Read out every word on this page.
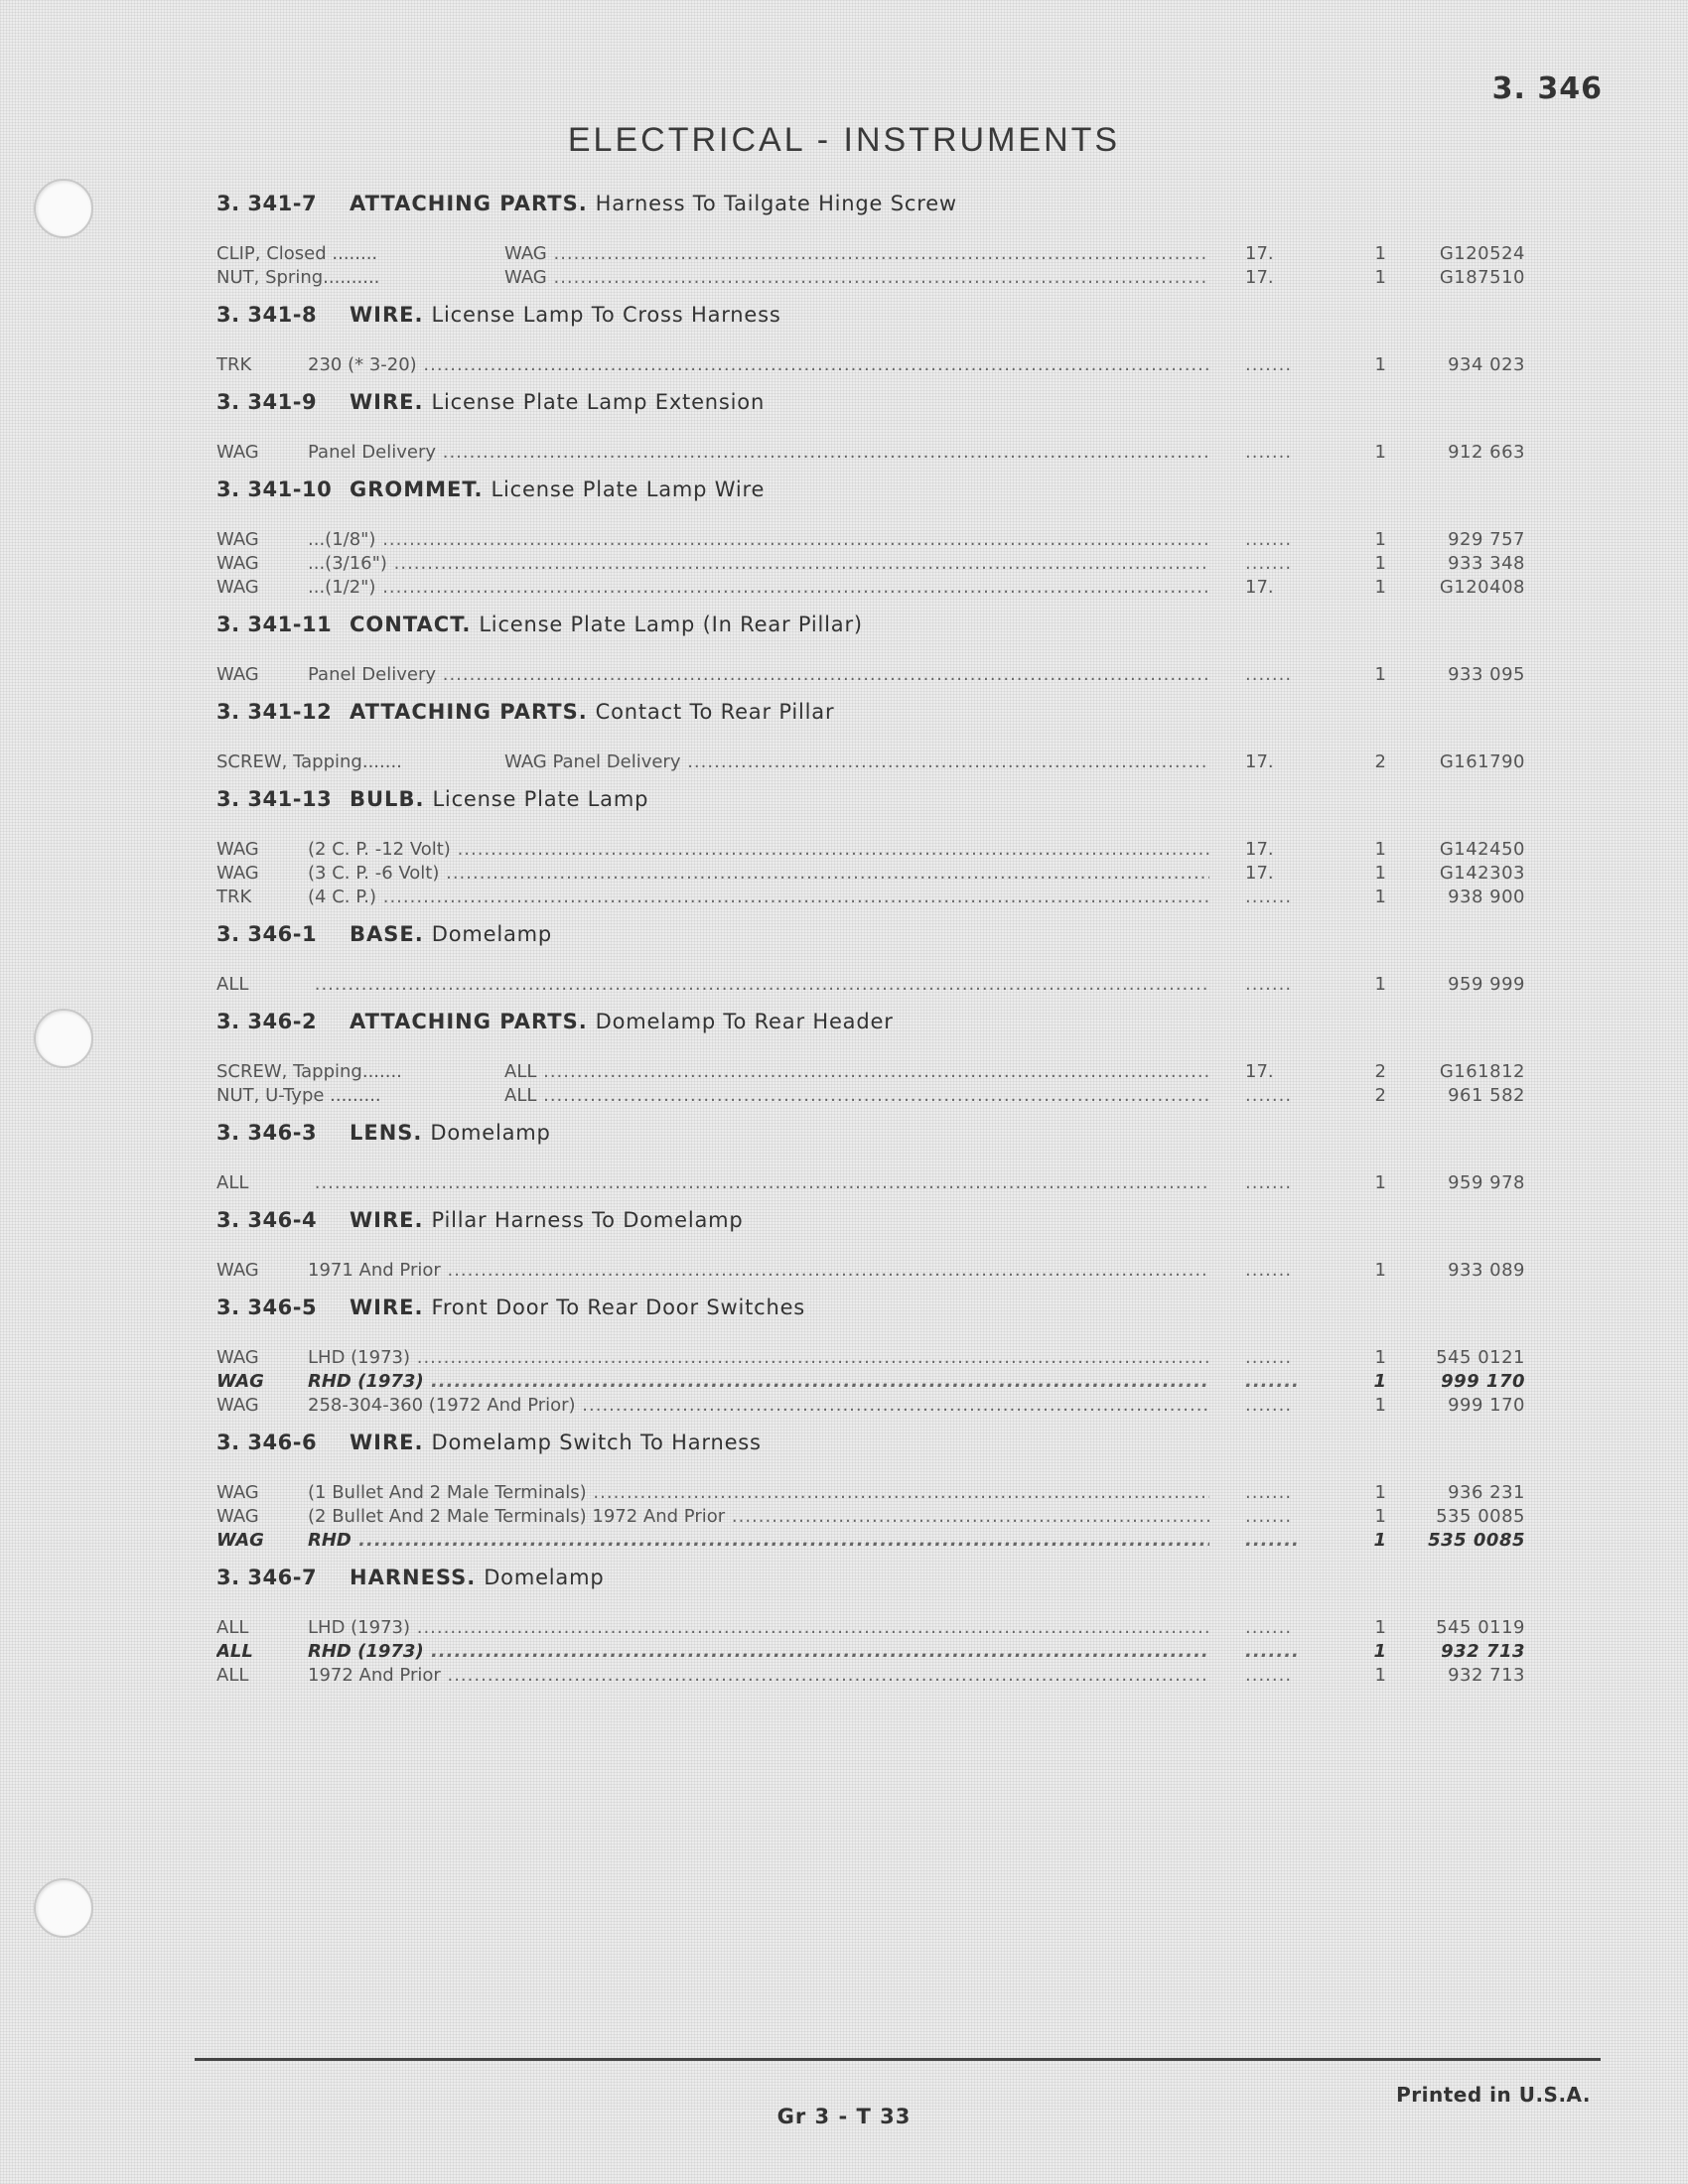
3. 346
ELECTRICAL - INSTRUMENTS
3. 341-7 ATTACHING PARTS. Harness To Tailgate Hinge Screw
CLIP, Closed ........	WAG .....	17.	1	G120524
NUT, Spring..........	WAG .....	17.	1	G187510
3. 341-8 WIRE. License Lamp To Cross Harness
TRK	230 (* 3-20) .....	.......	1	934 023
3. 341-9 WIRE. License Plate Lamp Extension
WAG	Panel Delivery .....	.......	1	912 663
3. 341-10 GROMMET. License Plate Lamp Wire
WAG	...(1/8") .....	.......	1	929 757
WAG	...(3/16") .....	.......	1	933 348
WAG	...(1/2") .....	17.	1	G120408
3. 341-11 CONTACT. License Plate Lamp (In Rear Pillar)
WAG	Panel Delivery .....	.......	1	933 095
3. 341-12 ATTACHING PARTS. Contact To Rear Pillar
SCREW, Tapping.......	WAG Panel Delivery .....	17.	2	G161790
3. 341-13 BULB. License Plate Lamp
WAG	(2 C. P. -12 Volt) .....	17.	1	G142450
WAG	(3 C. P. -6 Volt) .....	17.	1	G142303
TRK	(4 C. P.) .....	.......	1	938 900
3. 346-1 BASE. Domelamp
ALL .....	.......	1	959 999
3. 346-2 ATTACHING PARTS. Domelamp To Rear Header
SCREW, Tapping.......	ALL .....	17.	2	G161812
NUT, U-Type .........	ALL .....	.......	2	961 582
3. 346-3 LENS. Domelamp
ALL .....	.......	1	959 978
3. 346-4 WIRE. Pillar Harness To Domelamp
WAG	1971 And Prior .....	.......	1	933 089
3. 346-5 WIRE. Front Door To Rear Door Switches
WAG	LHD (1973) .....	.......	1	545 0121
WAG RHD (1973) .....	.......	1	999 170
WAG	258-304-360 (1972 And Prior) .....	.......	1	999 170
3. 346-6 WIRE. Domelamp Switch To Harness
WAG	(1 Bullet And 2 Male Terminals) .....	.......	1	936 231
WAG	(2 Bullet And 2 Male Terminals) 1972 And Prior .....	.......	1	535 0085
WAG RHD .....	.......	1	535 0085
3. 346-7 HARNESS. Domelamp
ALL	LHD (1973) .....	.......	1	545 0119
ALL	RHD (1973) .....	.......	1	932 713
ALL	1972 And Prior .....	.......	1	932 713
Gr 3 - T 33
Printed in U.S.A.
